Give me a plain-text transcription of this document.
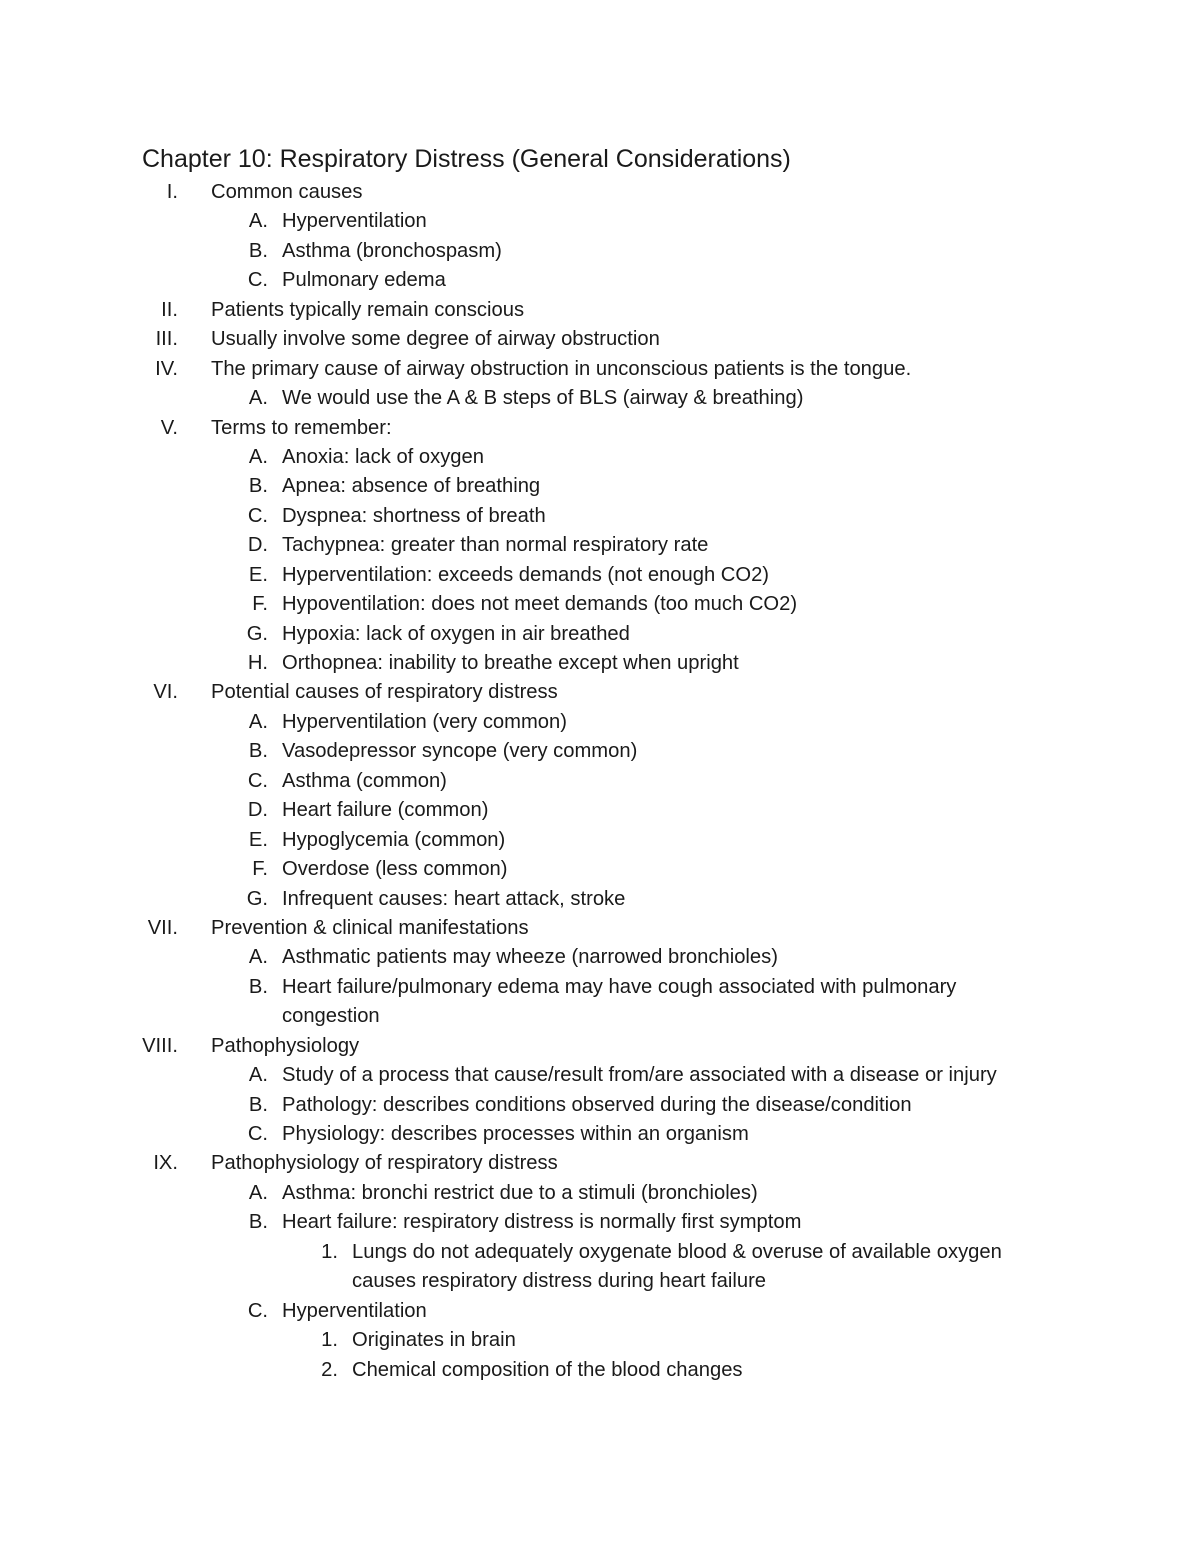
Chapter 10: Respiratory Distress (General Considerations)
I. Common causes
A. Hyperventilation
B. Asthma (bronchospasm)
C. Pulmonary edema
II. Patients typically remain conscious
III. Usually involve some degree of airway obstruction
IV. The primary cause of airway obstruction in unconscious patients is the tongue.
A. We would use the A & B steps of BLS (airway & breathing)
V. Terms to remember:
A. Anoxia: lack of oxygen
B. Apnea: absence of breathing
C. Dyspnea: shortness of breath
D. Tachypnea: greater than normal respiratory rate
E. Hyperventilation: exceeds demands (not enough CO2)
F. Hypoventilation: does not meet demands (too much CO2)
G. Hypoxia: lack of oxygen in air breathed
H. Orthopnea: inability to breathe except when upright
VI. Potential causes of respiratory distress
A. Hyperventilation (very common)
B. Vasodepressor syncope (very common)
C. Asthma (common)
D. Heart failure (common)
E. Hypoglycemia (common)
F. Overdose (less common)
G. Infrequent causes: heart attack, stroke
VII. Prevention & clinical manifestations
A. Asthmatic patients may wheeze (narrowed bronchioles)
B. Heart failure/pulmonary edema may have cough associated with pulmonary
congestion
VIII. Pathophysiology
A. Study of a process that cause/result from/are associated with a disease or injury
B. Pathology: describes conditions observed during the disease/condition
C. Physiology: describes processes within an organism
IX. Pathophysiology of respiratory distress
A. Asthma: bronchi restrict due to a stimuli (bronchioles)
B. Heart failure: respiratory distress is normally first symptom
1. Lungs do not adequately oxygenate blood & overuse of available oxygen
causes respiratory distress during heart failure
C. Hyperventilation
1. Originates in brain
2. Chemical composition of the blood changes
